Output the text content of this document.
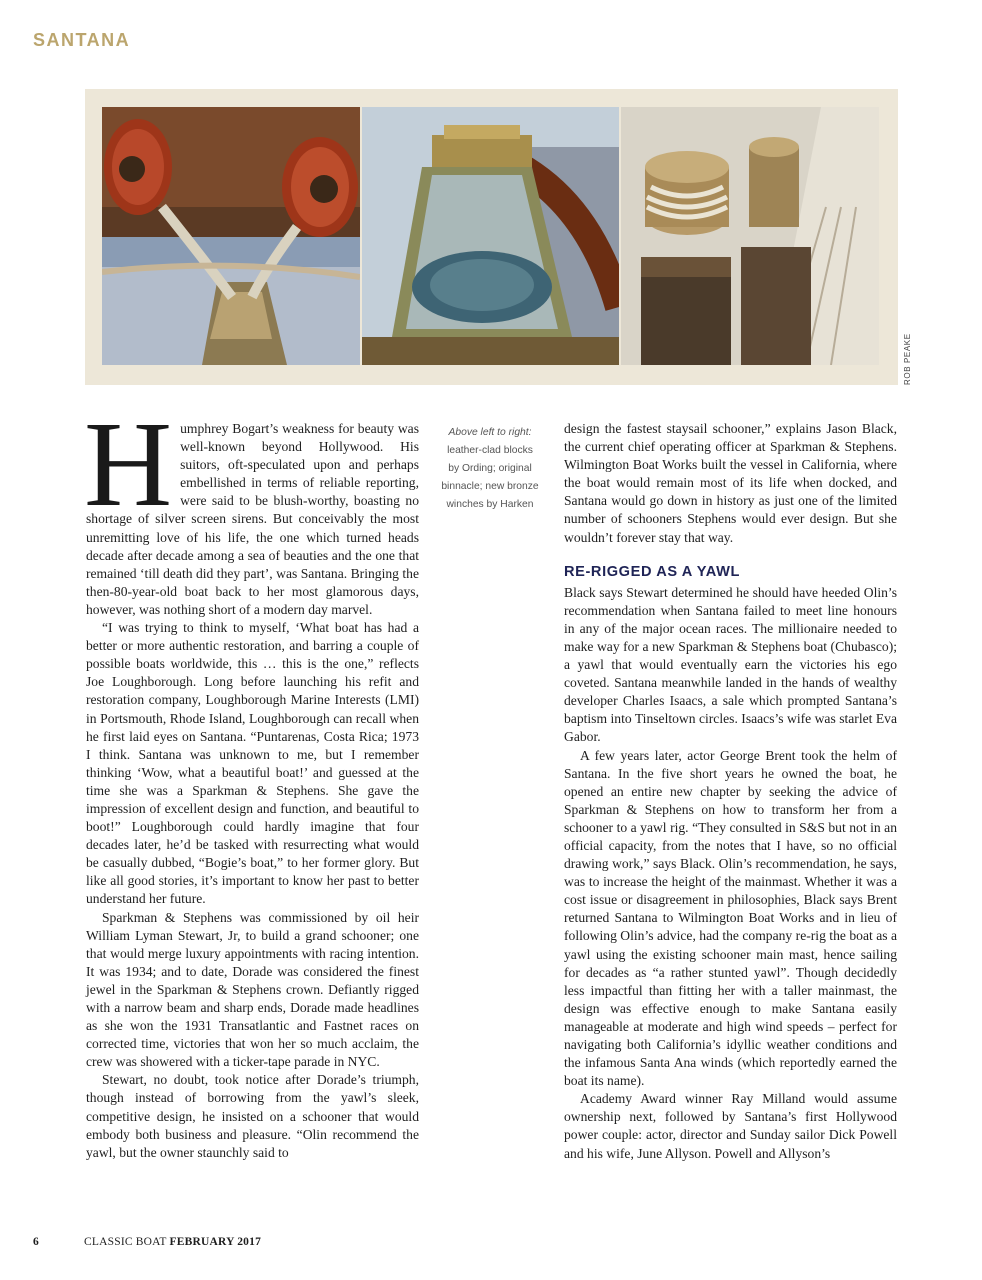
SANTANA
ROB PEAKE

Humphrey Bogart’s weakness for beauty was well-known beyond Hollywood. His suitors, oft-speculated upon and perhaps embellished in terms of reliable reporting, were said to be blush-worthy, boasting no shortage of silver screen sirens. But conceivably the most unremitting love of his life, the one which turned heads decade after decade among a sea of beauties and the one that remained ‘till death did they part’, was Santana. Bringing the then-80-year-old boat back to her most glamorous days, however, was nothing short of a modern day marvel.

“I was trying to think to myself, ‘What boat has had a better or more authentic restoration, and barring a couple of possible boats worldwide, this … this is the one,” reflects Joe Loughborough. Long before launching his refit and restoration company, Loughborough Marine Interests (LMI) in Portsmouth, Rhode Island, Loughborough can recall when he first laid eyes on Santana. “Puntarenas, Costa Rica; 1973 I think. Santana was unknown to me, but I remember thinking ‘Wow, what a beautiful boat!’ and guessed at the time she was a Sparkman & Stephens. She gave the impression of excellent design and function, and beautiful to boot!” Loughborough could hardly imagine that four decades later, he’d be tasked with resurrecting what would be casually dubbed, “Bogie’s boat,” to her former glory. But like all good stories, it’s important to know her past to better understand her future.

Sparkman & Stephens was commissioned by oil heir William Lyman Stewart, Jr, to build a grand schooner; one that would merge luxury appointments with racing intention. It was 1934; and to date, Dorade was considered the finest jewel in the Sparkman & Stephens crown. Defiantly rigged with a narrow beam and sharp ends, Dorade made headlines as she won the 1931 Transatlantic and Fastnet races on corrected time, victories that won her so much acclaim, the crew was showered with a ticker-tape parade in NYC.

Stewart, no doubt, took notice after Dorade’s triumph, though instead of borrowing from the yawl’s sleek, competitive design, he insisted on a schooner that would embody both business and pleasure. “Olin recommend the yawl, but the owner staunchly said to

Above left to right: leather-clad blocks by Ording; original binnacle; new bronze winches by Harken

design the fastest staysail schooner,” explains Jason Black, the current chief operating officer at Sparkman & Stephens. Wilmington Boat Works built the vessel in California, where the boat would remain most of its life when docked, and Santana would go down in history as just one of the limited number of schooners Stephens would ever design. But she wouldn’t forever stay that way.

RE-RIGGED AS A YAWL

Black says Stewart determined he should have heeded Olin’s recommendation when Santana failed to meet line honours in any of the major ocean races. The millionaire needed to make way for a new Sparkman & Stephens boat (Chubasco); a yawl that would eventually earn the victories his ego coveted. Santana meanwhile landed in the hands of wealthy developer Charles Isaacs, a sale which prompted Santana’s baptism into Tinseltown circles. Isaacs’s wife was starlet Eva Gabor.

A few years later, actor George Brent took the helm of Santana. In the five short years he owned the boat, he opened an entire new chapter by seeking the advice of Sparkman & Stephens on how to transform her from a schooner to a yawl rig. “They consulted in S&S but not in an official capacity, from the notes that I have, so no official drawing work,” says Black. Olin’s recommendation, he says, was to increase the height of the mainmast. Whether it was a cost issue or disagreement in philosophies, Black says Brent returned Santana to Wilmington Boat Works and in lieu of following Olin’s advice, had the company re-rig the boat as a yawl using the existing schooner main mast, hence sailing for decades as “a rather stunted yawl”. Though decidedly less impactful than fitting her with a taller mainmast, the design was effective enough to make Santana easily manageable at moderate and high wind speeds – perfect for navigating both California’s idyllic weather conditions and the infamous Santa Ana winds (which reportedly earned the boat its name).

Academy Award winner Ray Milland would assume ownership next, followed by Santana’s first Hollywood power couple: actor, director and Sunday sailor Dick Powell and his wife, June Allyson. Powell and Allyson’s

6	CLASSIC BOAT FEBRUARY 2017
